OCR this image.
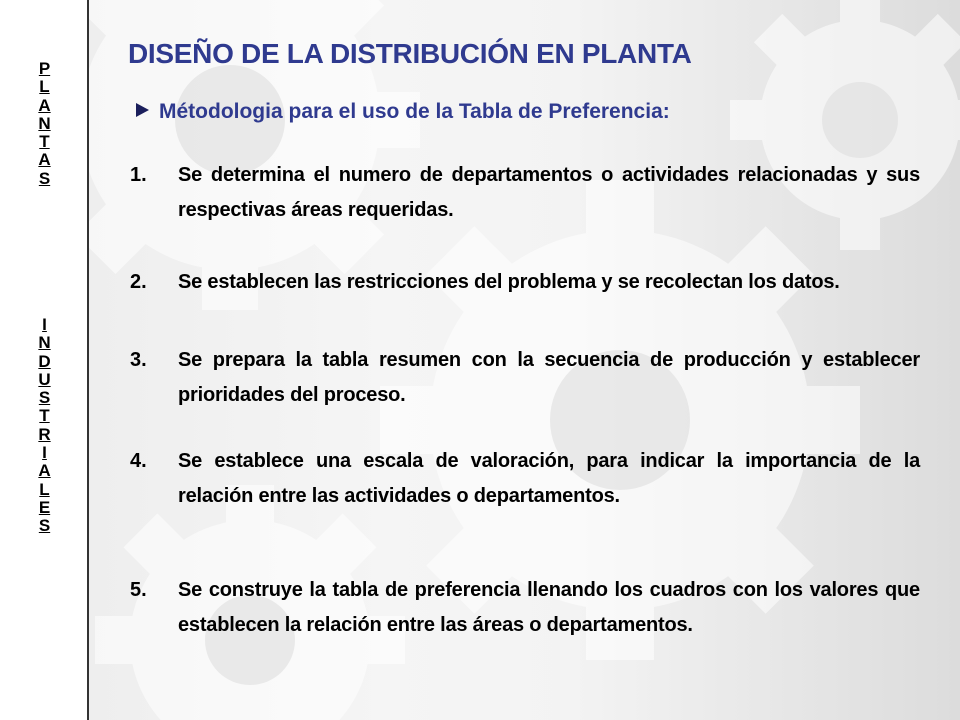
P
L
A
N
T
A
S
I
N
D
U
S
T
R
I
A
L
E
S
DISEÑO DE LA DISTRIBUCIÓN EN PLANTA
Métodologia para el uso de la Tabla de Preferencia:
1. Se determina el numero de departamentos o actividades relacionadas y sus respectivas áreas requeridas.
2. Se establecen las restricciones del problema y se recolectan los datos.
3. Se prepara la tabla resumen con la secuencia de producción y establecer prioridades del proceso.
4. Se establece una escala de valoración, para indicar la importancia de la relación entre las actividades o departamentos.
5. Se construye la tabla de preferencia llenando los cuadros con los valores que establecen la relación entre las áreas o departamentos.
